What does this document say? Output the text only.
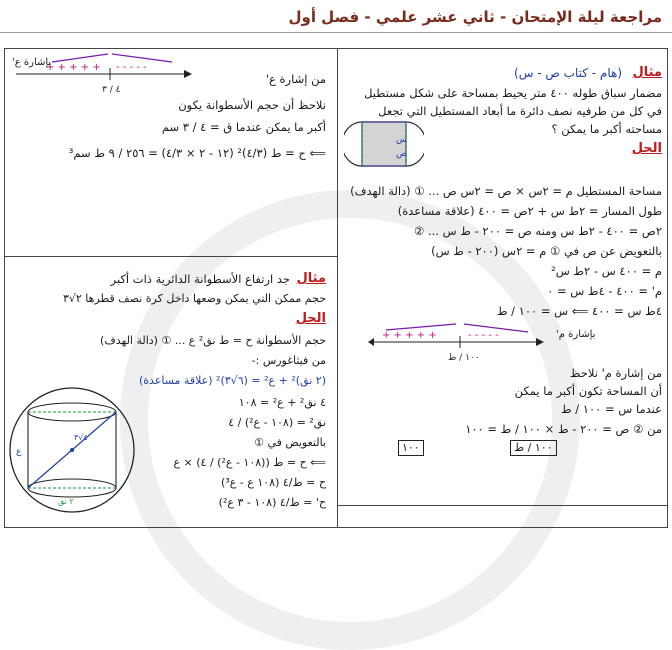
مراجعة ليلة الإمتحان - ثاني عشر علمي - فصل أول
مثال
(هام - كتاب ص - س)
مضمار سباق طوله ٤٠٠ متر يحيط بمساحة على شكل مستطيل
في كل من طرفيه نصف دائرة ما أبعاد المستطيل التي تجعل
مساحته أكبر ما يمكن ؟
س
ص	الحل
مساحة المستطيل م = ٢س × ص = ٢س ص ... ① (دالة الهدف)
طول المسار = ٢ط س + ٢ص = ٤٠٠ (علاقة مساعدة)
٢ص = ٤٠٠ - ٢ط س ومنه ص = ٢٠٠ - ط س ... ②
بالتعويض عن ص في ① م = ٢س (٢٠٠ - ط س)
م = ٤٠٠ س - ٢ط س²
م' = ٤٠٠ - ٤ط س = ٠
٤ط س = ٤٠٠ ⟸ س = ١٠٠ / ط
+ + + + +	- - - - -
١٠٠ / ط
بإشارة م'
من إشارة م' نلاحظ
أن المساحة تكون أكبر ما يمكن
عندما س = ١٠٠ / ط
من ② ص = ٢٠٠ - ط × ١٠٠ / ط = ١٠٠
١٠٠ / ط
١٠٠
+ + + + + - - - - -
٤ / ٣
بإشارة ع'
من إشارة ع'
نلاحظ أن حجم الأسطوانة يكون
أكبر ما يمكن عندما ق = ٤ / ٣ سم
⟸ ح = ط (٤/٣)² (١٢ - ٢ × ٤/٣) = ٢٥٦ / ٩ ط سم³
مثال
جد ارتفاع الأسطوانة الدائرية ذات أكبر
حجم ممكن التي يمكن وضعها داخل كرة نصف قطرها ٢√٣
الحل
حجم الأسطوانة ح = ط نق² ع ... ① (دالة الهدف)
من فيثاغورس :-
(٢ نق)² + ع² = (٦√٣)² (علاقة مساعدة)
٤ نق² + ع² = ١٠٨
نق² = (١٠٨ - ع²) / ٤
بالتعويض في ①
⟸ ح = ط ((١٠٨ - ع²) / ٤) × ع
ح = ط/٤ (١٠٨ ع - ع³)
ح' = ط/٤ (١٠٨ - ٣ ع²)
ع
٢ نق
٤√٣
